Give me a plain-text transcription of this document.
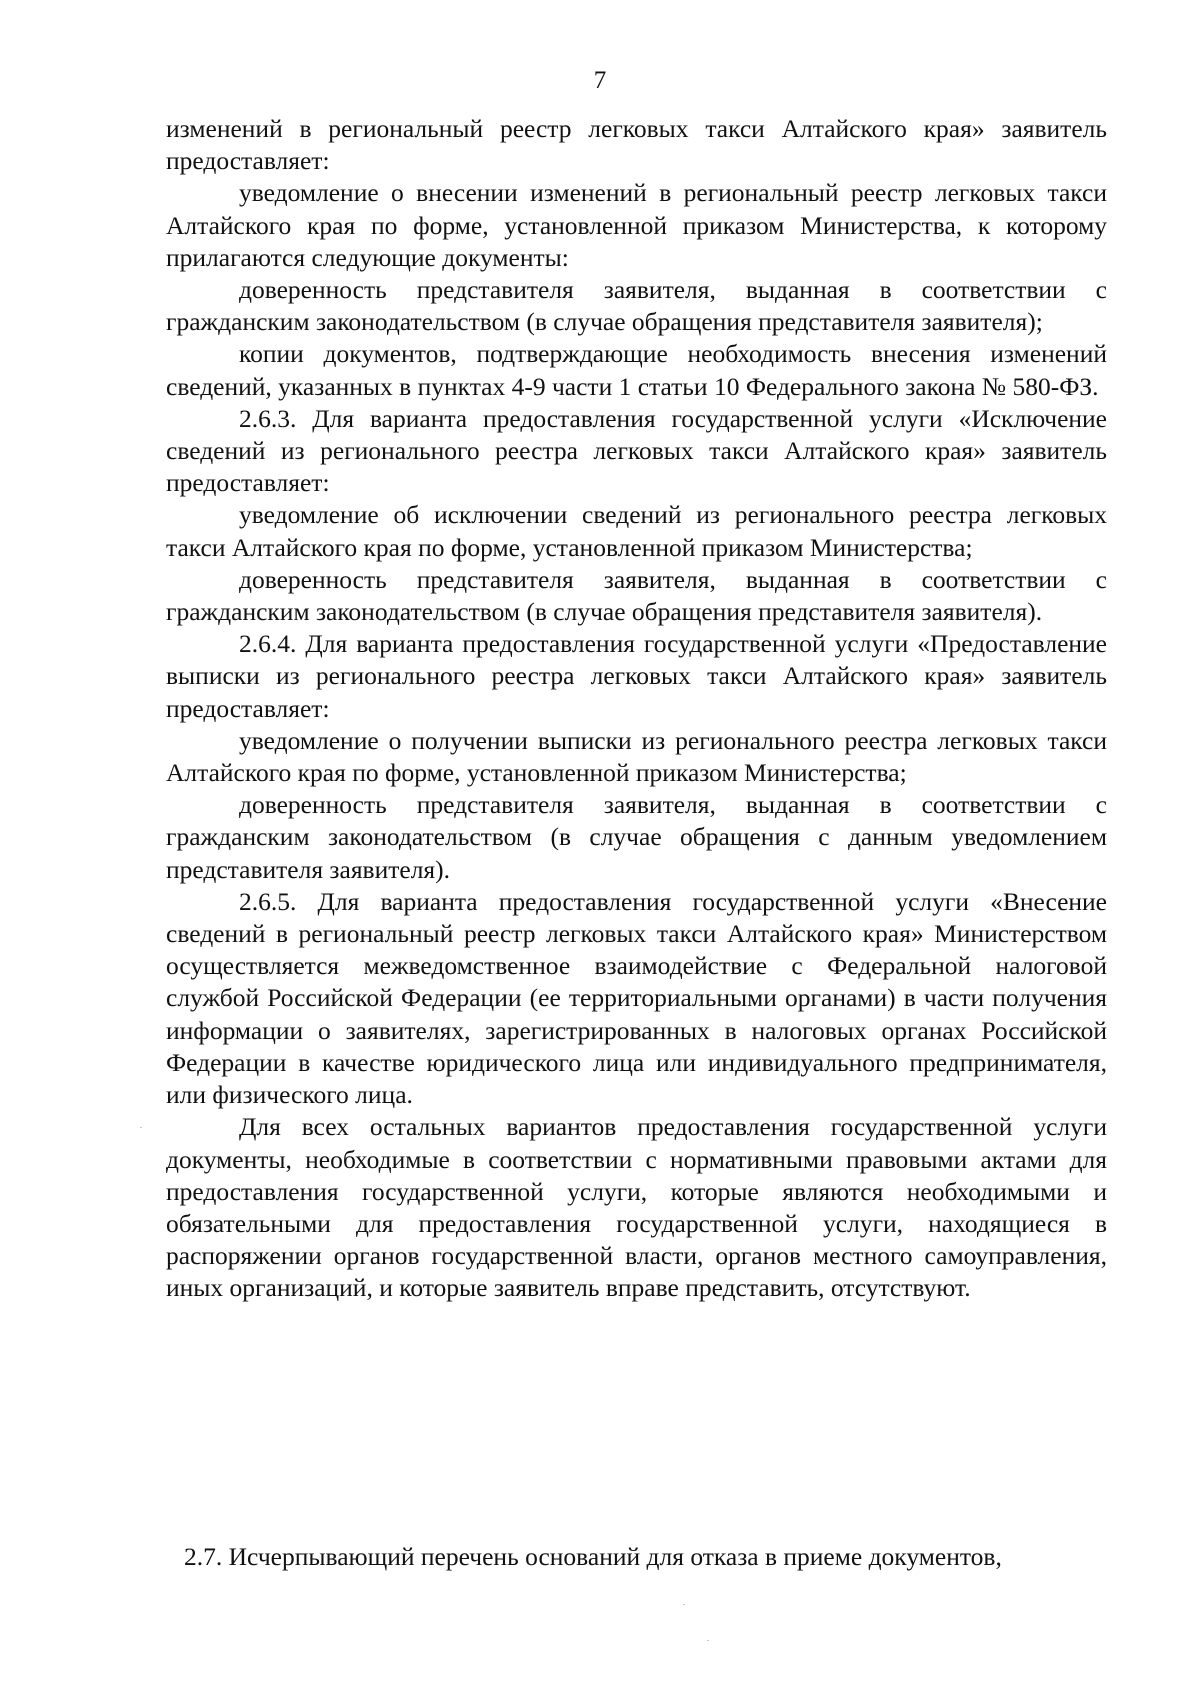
7

изменений в региональный реестр легковых такси Алтайского края» заявитель предоставляет:

уведомление о внесении изменений в региональный реестр легковых такси Алтайского края по форме, установленной приказом Министерства, к которому прилагаются следующие документы:

доверенность представителя заявителя, выданная в соответствии с гражданским законодательством (в случае обращения представителя заявителя);

копии документов, подтверждающие необходимость внесения изменений сведений, указанных в пунктах 4-9 части 1 статьи 10 Федерального закона № 580-ФЗ.

2.6.3. Для варианта предоставления государственной услуги «Исключение сведений из регионального реестра легковых такси Алтайского края» заявитель предоставляет:

уведомление об исключении сведений из регионального реестра легковых такси Алтайского края по форме, установленной приказом Министерства;

доверенность представителя заявителя, выданная в соответствии с гражданским законодательством (в случае обращения представителя заявителя).

2.6.4. Для варианта предоставления государственной услуги «Предоставление выписки из регионального реестра легковых такси Алтайского края» заявитель предоставляет:

уведомление о получении выписки из регионального реестра легковых такси Алтайского края по форме, установленной приказом Министерства;

доверенность представителя заявителя, выданная в соответствии с гражданским законодательством (в случае обращения с данным уведомлением представителя заявителя).

2.6.5. Для варианта предоставления государственной услуги «Внесение сведений в региональный реестр легковых такси Алтайского края» Министерством осуществляется межведомственное взаимодействие с Федеральной налоговой службой Российской Федерации (ее территориальными органами) в части получения информации о заявителях, зарегистрированных в налоговых органах Российской Федерации в качестве юридического лица или индивидуального предпринимателя, или физического лица.

Для всех остальных вариантов предоставления государственной услуги документы, необходимые в соответствии с нормативными правовыми актами для предоставления государственной услуги, которые являются необходимыми и обязательными для предоставления государственной услуги, находящиеся в распоряжении органов государственной власти, органов местного самоуправления, иных организаций, и которые заявитель вправе представить, отсутствуют.

2.7. Исчерпывающий перечень оснований для отказа в приеме документов,
